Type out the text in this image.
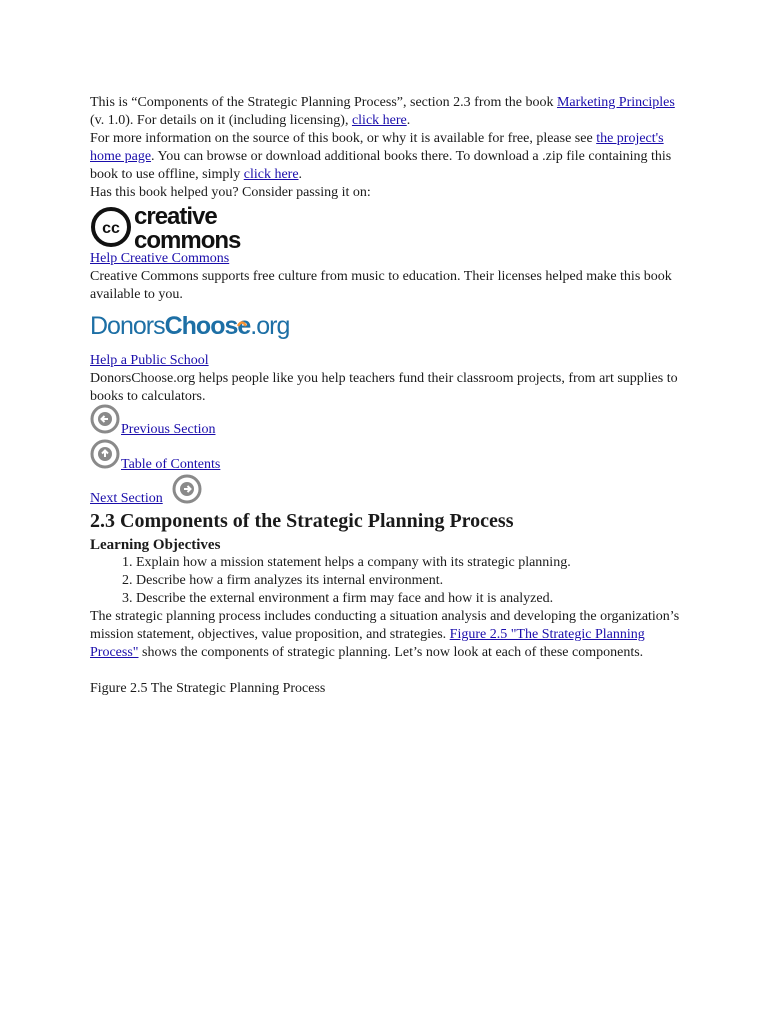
This is “Components of the Strategic Planning Process”, section 2.3 from the book Marketing Principles (v. 1.0). For details on it (including licensing), click here.

For more information on the source of this book, or why it is available for free, please see the project's home page. You can browse or download additional books there. To download a .zip file containing this book to use offline, simply click here.

Has this book helped you? Consider passing it on:

cc creative
commons

Help Creative Commons

Creative Commons supports free culture from music to education. Their licenses helped make this book available to you.

DonorsChoose.org

Help a Public School

DonorsChoose.org helps people like you help teachers fund their classroom projects, from art supplies to books to calculators.

Previous Section
Table of Contents
Next Section
2.3 Components of the Strategic Planning Process

Learning Objectives

1. Explain how a mission statement helps a company with its strategic planning.
2. Describe how a firm analyzes its internal environment.
3. Describe the external environment a firm may face and how it is analyzed.

The strategic planning process includes conducting a situation analysis and developing the organization’s mission statement, objectives, value proposition, and strategies. Figure 2.5 "The Strategic Planning Process" shows the components of strategic planning. Let’s now look at each of these components.

Figure 2.5 The Strategic Planning Process
